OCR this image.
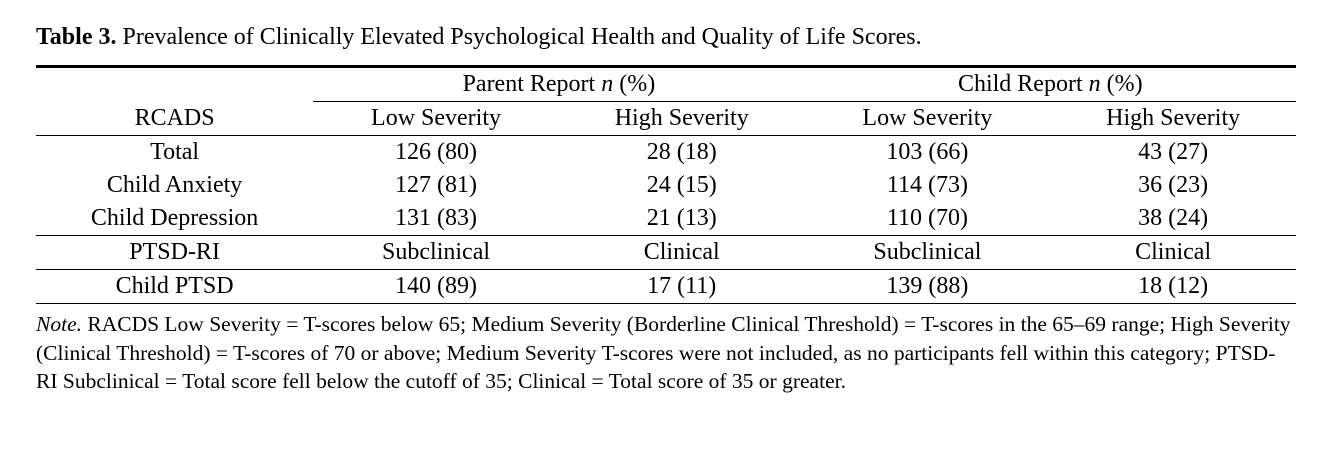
Table 3. Prevalence of Clinically Elevated Psychological Health and Quality of Life Scores.
	Parent Report n (%)		Child Report n (%)	
RCADS	Low Severity	High Severity	Low Severity	High Severity
Total	126 (80)	28 (18)	103 (66)	43 (27)
Child Anxiety	127 (81)	24 (15)	114 (73)	36 (23)
Child Depression	131 (83)	21 (13)	110 (70)	38 (24)
PTSD-RI	Subclinical	Clinical	Subclinical	Clinical
Child PTSD	140 (89)	17 (11)	139 (88)	18 (12)

Note. RACDS Low Severity = T-scores below 65; Medium Severity (Borderline Clinical Threshold) = T-scores in the 65–69 range; High Severity (Clinical Threshold) = T-scores of 70 or above; Medium Severity T-scores were not included, as no participants fell within this category; PTSD-RI Subclinical = Total score fell below the cutoff of 35; Clinical = Total score of 35 or greater.
